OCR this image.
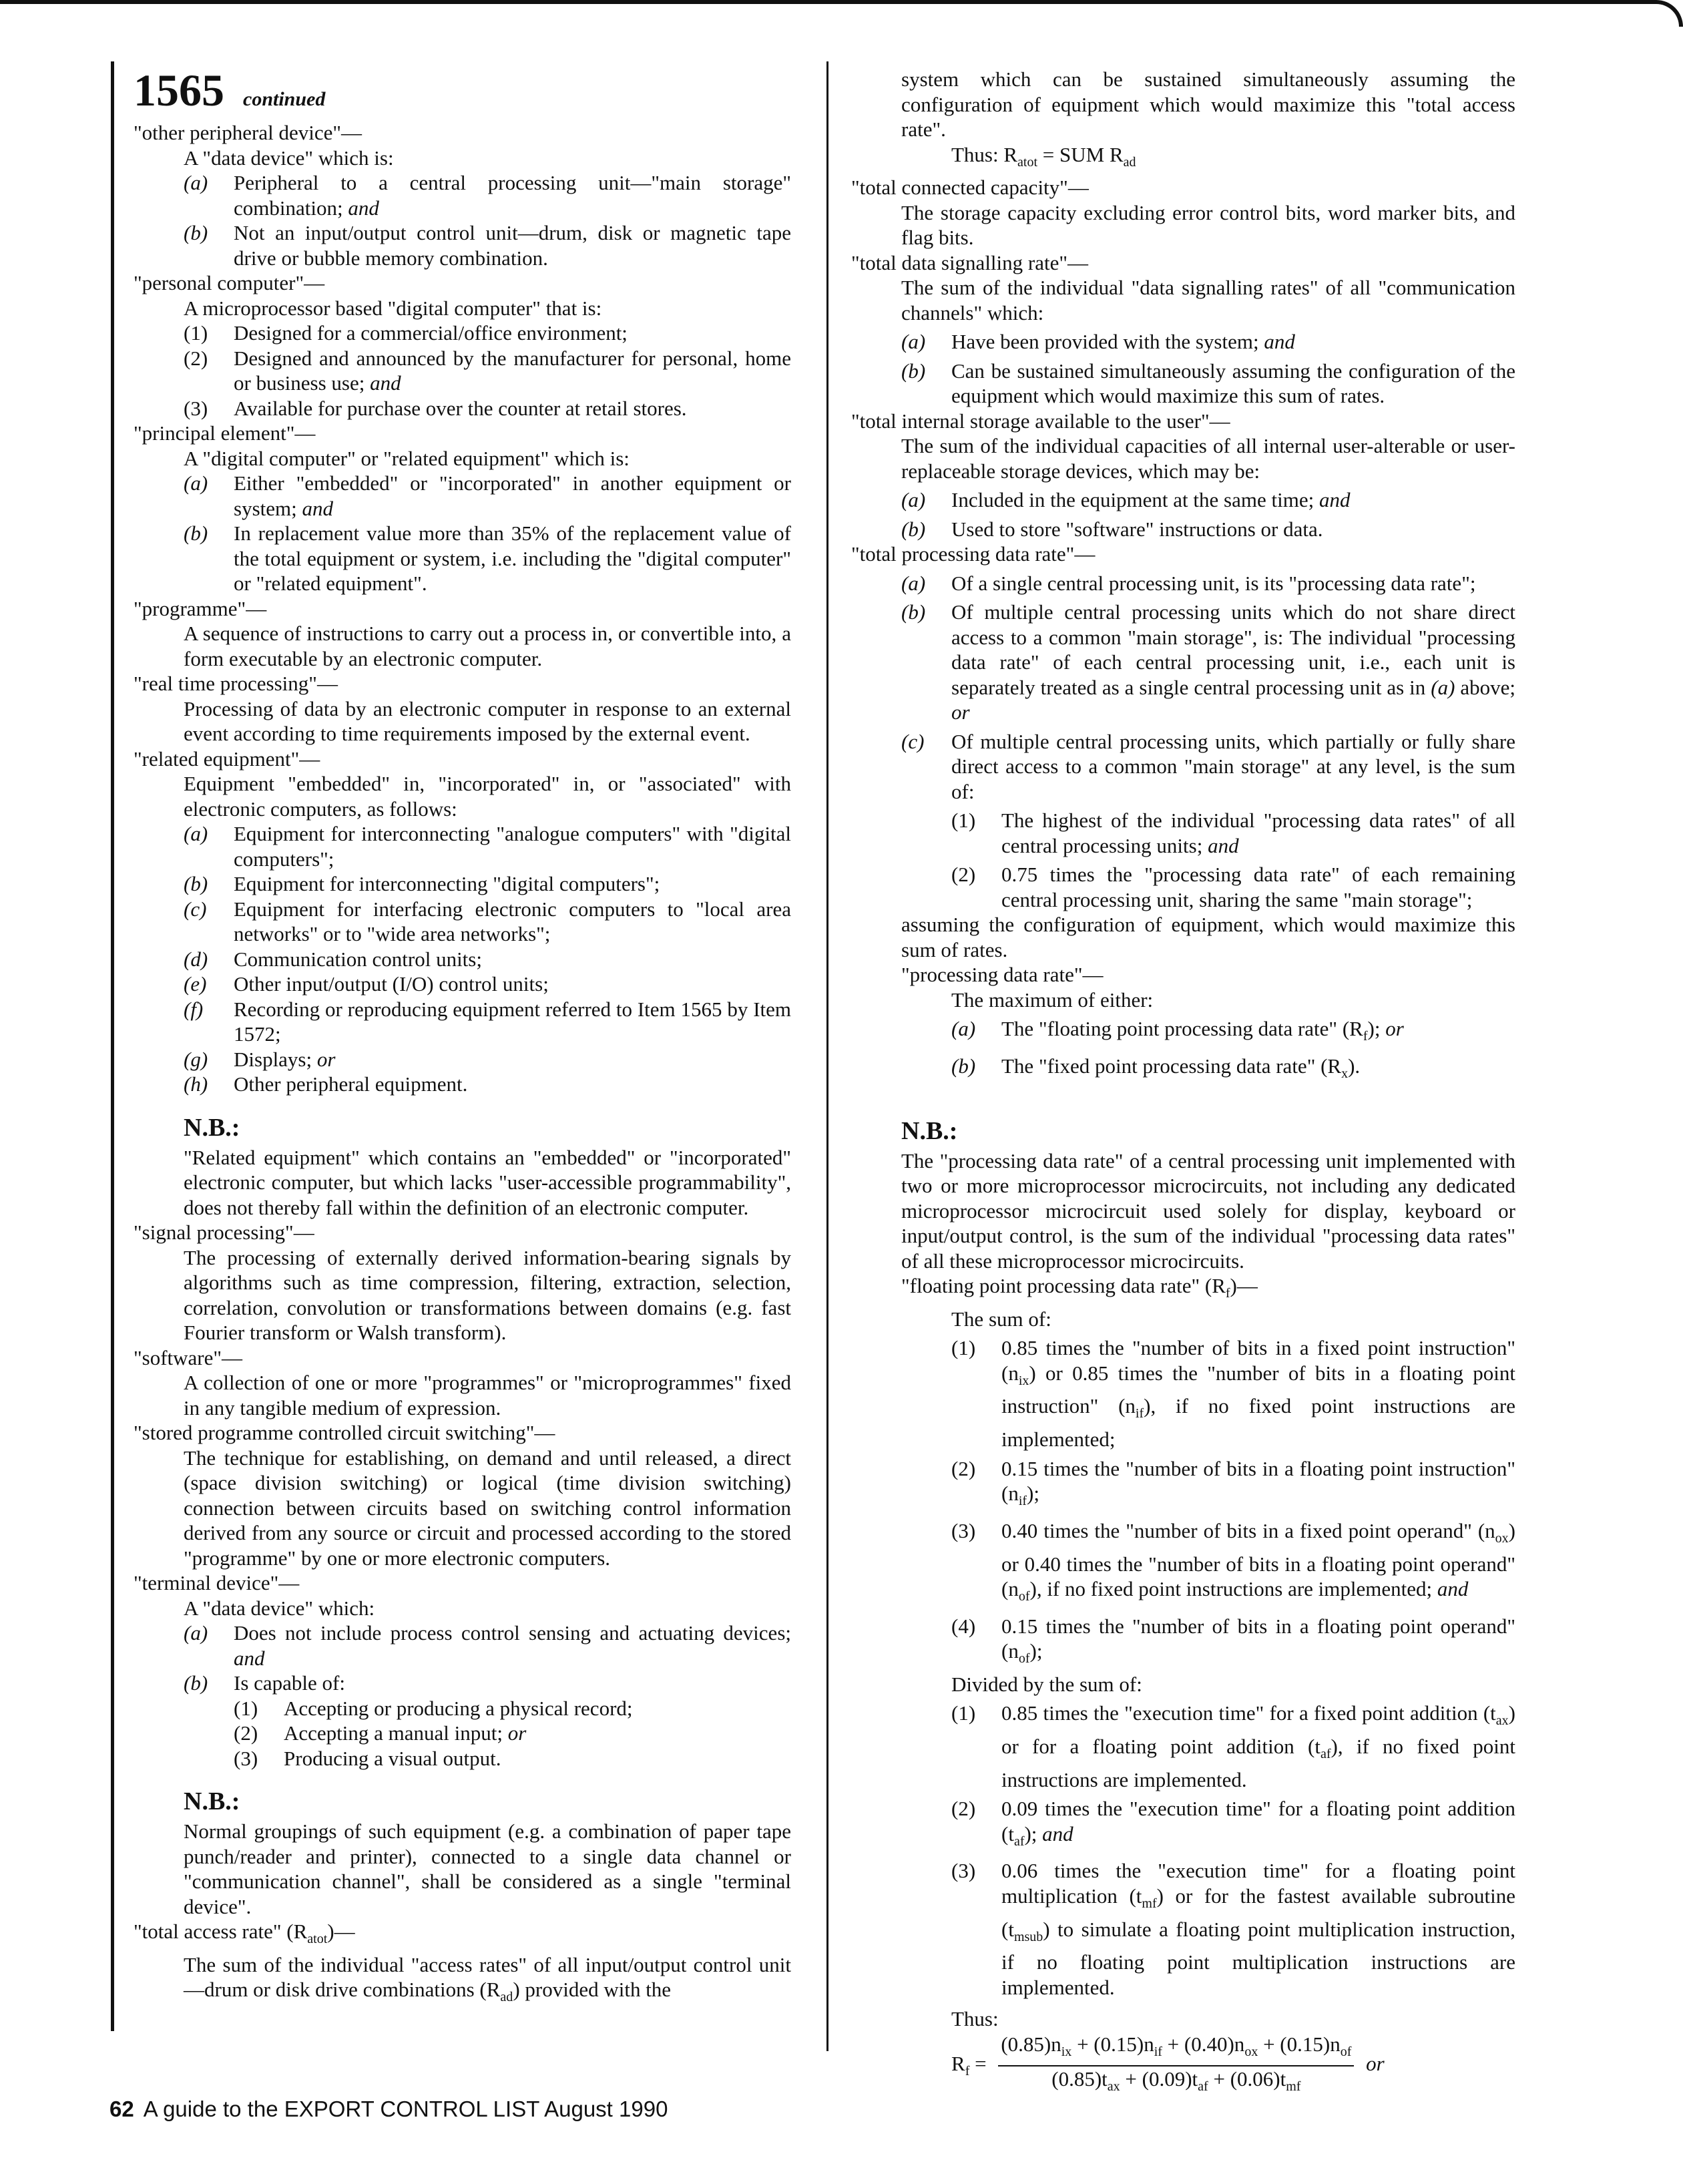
1565 continued

"other peripheral device"—

A "data device" which is:

(a)	Peripheral to a central processing unit—"main storage" combination; and

(b)	Not an input/output control unit—drum, disk or magnetic tape drive or bubble memory combination.

"personal computer"—

A microprocessor based "digital computer" that is:

(1)	Designed for a commercial/office environment;

(2)	Designed and announced by the manufacturer for personal, home or business use; and

(3)	Available for purchase over the counter at retail stores.

"principal element"—

A "digital computer" or "related equipment" which is:

(a)	Either "embedded" or "incorporated" in another equipment or system; and

(b)	In replacement value more than 35% of the replacement value of the total equipment or system, i.e. including the "digital computer" or "related equipment".

"programme"—

A sequence of instructions to carry out a process in, or convertible into, a form executable by an electronic computer.

"real time processing"—

Processing of data by an electronic computer in response to an external event according to time requirements imposed by the external event.

"related equipment"—

Equipment "embedded" in, "incorporated" in, or "associated" with electronic computers, as follows:

(a)	Equipment for interconnecting "analogue computers" with "digital computers";

(b)	Equipment for interconnecting "digital computers";

(c)	Equipment for interfacing electronic computers to "local area networks" or to "wide area networks";

(d)	Communication control units;

(e)	Other input/output (I/O) control units;

(f)	Recording or reproducing equipment referred to Item 1565 by Item 1572;

(g)	Displays; or

(h)	Other peripheral equipment.

N.B.:

"Related equipment" which contains an "embedded" or "incorporated" electronic computer, but which lacks "user-accessible programmability", does not thereby fall within the definition of an electronic computer.

"signal processing"—

The processing of externally derived information-bearing signals by algorithms such as time compression, filtering, extraction, selection, correlation, convolution or transformations between domains (e.g. fast Fourier transform or Walsh transform).

"software"—

A collection of one or more "programmes" or "microprogrammes" fixed in any tangible medium of expression.

"stored programme controlled circuit switching"—

The technique for establishing, on demand and until released, a direct (space division switching) or logical (time division switching) connection between circuits based on switching control information derived from any source or circuit and processed according to the stored "programme" by one or more electronic computers.

"terminal device"—

A "data device" which:

(a)	Does not include process control sensing and actuating devices; and

(b)	Is capable of:

(1)	Accepting or producing a physical record;

(2)	Accepting a manual input; or

(3)	Producing a visual output.

N.B.:

Normal groupings of such equipment (e.g. a combination of paper tape punch/reader and printer), connected to a single data channel or "communication channel", shall be considered as a single "terminal device".

"total access rate" $(R_{atot})—$

The sum of the individual "access rates" of all input/output control unit—drum or disk drive combinations $(R_{ad})$ provided with the

system which can be sustained simultaneously assuming the configuration of equipment which would maximize this "total access rate".

Thus: $R_{atot}$ = SUM $R_{ad}$

"total connected capacity"—

The storage capacity excluding error control bits, word marker bits, and flag bits.

"total data signalling rate"—

The sum of the individual "data signalling rates" of all "communication channels" which:

(a)	Have been provided with the system; and

(b)	Can be sustained simultaneously assuming the configuration of the equipment which would maximize this sum of rates.

"total internal storage available to the user"—

The sum of the individual capacities of all internal user-alterable or user-replaceable storage devices, which may be:

(a)	Included in the equipment at the same time; and

(b)	Used to store "software" instructions or data.

"total processing data rate"—

(a)	Of a single central processing unit, is its "processing data rate";

(b)	Of multiple central processing units which do not share direct access to a common "main storage", is: The individual "processing data rate" of each central processing unit, i.e., each unit is separately treated as a single central processing unit as in (a) above; or

(c)	Of multiple central processing units, which partially or fully share direct access to a common "main storage" at any level, is the sum of:

(1)	The highest of the individual "processing data rates" of all central processing units; and

(2)	0.75 times the "processing data rate" of each remaining central processing unit, sharing the same "main storage";

assuming the configuration of equipment, which would maximize this sum of rates.

"processing data rate"—

The maximum of either:

(a)	The "floating point processing data rate" $(R_f)$; or

(b)	The "fixed point processing data rate" $(R_x)$.

N.B.:

The "processing data rate" of a central processing unit implemented with two or more microprocessor microcircuits, not including any dedicated microprocessor microcircuit used solely for display, keyboard or input/output control, is the sum of the individual "processing data rates" of all these microprocessor microcircuits.

"floating point processing data rate" $(R_f)—$

The sum of:

(1)	0.85 times the "number of bits in a fixed point instruction" $(n_{ix})$ or 0.85 times the "number of bits in a floating point instruction" $(n_{if})$, if no fixed point instructions are implemented;

(2)	0.15 times the "number of bits in a floating point instruction" $(n_{if})$;

(3)	0.40 times the "number of bits in a fixed point operand" $(n_{ox})$ or 0.40 times the "number of bits in a floating point operand" $(n_{of})$, if no fixed point instructions are implemented; and

(4)	0.15 times the "number of bits in a floating point operand" $(n_{of})$;

Divided by the sum of:

(1)	0.85 times the "execution time" for a fixed point addition $(t_{ax})$ or for a floating point addition $(t_{af})$, if no fixed point instructions are implemented.

(2)	0.09 times the "execution time" for a floating point addition $(t_{af})$; and

(3)	0.06 times the "execution time" for a floating point multiplication $(t_{mf})$ or for the fastest available subroutine $(t_{msub})$ to simulate a floating point multiplication instruction, if no floating point multiplication instructions are implemented.

Thus:

$R_f = \frac{(0.85)n_{ix} + (0.15)n_{if} + (0.40)n_{ox} + (0.15)n_{of}}{(0.85)t_{ax} + (0.09)t_{af} + (0.06)t_{mf}}$ or

62 A guide to the EXPORT CONTROL LIST August 1990
